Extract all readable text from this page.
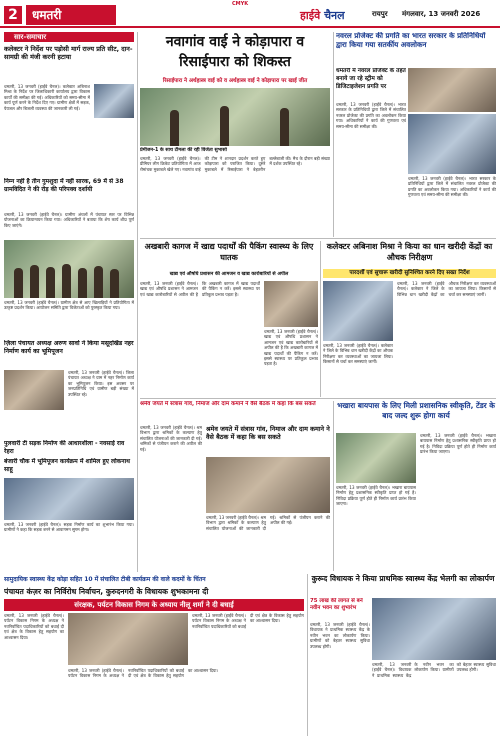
2	धमतरी
CMYK
हाईवे चैनल	रायपुर मंगलवार, 13 जनवरी 2026
सार-समाचार
कलेक्टर ने निर्देश पर पड़ोसी मार्ग राज्य प्रति सीट, दान-सामग्री की मंजी करनी हटाया
धमतरी, 13 जनवरी (हाईवे चैनल)। कलेक्टर अबिनाश मिश्रा के निर्देश पर जिलाधिकारी कार्यालय द्वारा विकास कार्यों की समीक्षा की गई। अधिकारियों को समय-सीमा में कार्य पूर्ण करने के निर्देश दिए गए। ग्रामीण क्षेत्रों में सड़क, पेयजल और बिजली व्यवस्था की जानकारी ली गई।
निम्न नहीं है तीन गुमशुदा में नहीं सारक, 69 में से 38 ग्रामविदित ने की रोड़ की परिपक्व दर्शायी
धमतरी, 13 जनवरी (हाईवे चैनल)। ग्रामीण अंचलों में पंचायत स्तर पर विभिन्न योजनाओं का क्रियान्वयन किया गया। अधिकारियों ने बताया कि शेष कार्य शीघ्र पूर्ण किए जाएंगे।
धमतरी, 13 जनवरी (हाईवे चैनल)। ग्रामीण क्षेत्र से आए खिलाड़ियों ने प्रतियोगिता में उत्कृष्ट प्रदर्शन किया। आयोजन समिति द्वारा विजेताओं को पुरस्कृत किया गया।
ज़िला पंचायत अध्यक्ष अरुण सार्वा ने किया मसूदखिंड नहर निर्माण कार्य का भूमिपूजन
धमतरी, 13 जनवरी (हाईवे चैनल)। जिला पंचायत अध्यक्ष ने ग्राम में नहर निर्माण कार्य का भूमिपूजन किया। इस अवसर पर जनप्रतिनिधि एवं ग्रामीण बड़ी संख्या में उपस्थित रहे।
पुलवारी टी सड़क निर्माण की आधारशीला - नवसाई राव रेहरा
बंजारी चौक में भूमिपूजन कार्यक्रम में शामिल हुए लोकनाथ साहू
धमतरी, 13 जनवरी (हाईवे चैनल)। सड़क निर्माण कार्य का शुभारंभ किया गया। ग्रामीणों ने कहा कि सड़क बनने से आवागमन सुगम होगा।
नवागांव वाई ने कोड़ापारा व रिसाईपारा को शिकस्त
रिसाईपारा ने अर्थहास्त्र वाई को व अर्थहास्त्र वाई ने कोड़ापारा पर खाई जीत
प्रेमीजन-1 के साथ टीमला की रही विजेता सुभासो
धमतरी, 13 जनवरी (हाईवे चैनल)। प्रीमियर लीग क्रिकेट प्रतियोगिता में आज रोमांचक मुकाबले खेले गए। नवागांव वाई की टीम ने शानदार प्रदर्शन करते हुए कोड़ापारा को पराजित किया। दूसरे मुकाबले में रिसाईपारा ने बेहतरीन बल्लेबाजी की। मैच के दौरान बड़ी संख्या में दर्शक उपस्थित रहे।
नवरल प्रोजेक्ट की प्रगति का भारत सरकार के प्रतिनिधियों द्वारा किया गया सतर्कीय अवलोकन
धमतरी में नवरल प्रोजेक्ट के तहत बनाये जा रहे स्ट्रीम को डिजिटाइजेशन प्रगति पर
धमतरी, 13 जनवरी (हाईवे चैनल)। भारत सरकार के प्रतिनिधियों द्वारा जिले में संचालित नवरल प्रोजेक्ट की प्रगति का अवलोकन किया गया। अधिकारियों ने कार्य की गुणवत्ता एवं समय-सीमा की समीक्षा की।
धमतरी, 13 जनवरी (हाईवे चैनल)। भारत सरकार के प्रतिनिधियों द्वारा जिले में संचालित नवरल प्रोजेक्ट की प्रगति का अवलोकन किया गया। अधिकारियों ने कार्य की गुणवत्ता एवं समय-सीमा की समीक्षा की।
अखबारी कागज में खाद्य पदार्थों की पैकिंग स्वास्थ्य के लिए घातक
खाद्य एवं औषधि प्रशासन की आमजन व खाद्य कारोबारियों से अपील
धमतरी, 13 जनवरी (हाईवे चैनल)। खाद्य एवं औषधि प्रशासन ने आमजन एवं खाद्य कारोबारियों से अपील की है कि अखबारी कागज में खाद्य पदार्थों की पैकिंग न करें। इससे स्वास्थ्य पर प्रतिकूल प्रभाव पड़ता है।
धमतरी, 13 जनवरी (हाईवे चैनल)। खाद्य एवं औषधि प्रशासन ने आमजन एवं खाद्य कारोबारियों से अपील की है कि अखबारी कागज में खाद्य पदार्थों की पैकिंग न करें। इससे स्वास्थ्य पर प्रतिकूल प्रभाव पड़ता है।
कलेक्टर अबिनाश मिश्रा ने किया का धान खरीदी केंद्रों का औचक निरीक्षण
पारदर्शी एवं सुचारू खरीदी सुनिश्चित करने दिए सख्त निर्देश
धमतरी, 13 जनवरी (हाईवे चैनल)। कलेक्टर ने जिले के विभिन्न धान खरीदी केंद्रों का औचक निरीक्षण कर व्यवस्थाओं का जायजा लिया। किसानों से चर्चा कर समस्याएं जानीं।
धमतरी, 13 जनवरी (हाईवे चैनल)। कलेक्टर ने जिले के विभिन्न धान खरीदी केंद्रों का औचक निरीक्षण कर व्यवस्थाओं का जायजा लिया। किसानों से चर्चा कर समस्याएं जानीं।
श्रमेव जयते में संत्रास गांव, निमाज और दाम कमाने ने वैसे बैठक में कहा कि बस सकते
श्रमेव जयते में संत्रास गांव, निमाज और दाम कमाने ने वैसे बैठक में कहा कि बस सकते
धमतरी, 13 जनवरी (हाईवे चैनल)। श्रम विभाग द्वारा श्रमिकों के कल्याण हेतु संचालित योजनाओं की जानकारी दी गई। श्रमिकों से पंजीयन कराने की अपील की गई।
धमतरी, 13 जनवरी (हाईवे चैनल)। श्रम विभाग द्वारा श्रमिकों के कल्याण हेतु संचालित योजनाओं की जानकारी दी गई। श्रमिकों से पंजीयन कराने की अपील की गई।
भखारा बायपास के लिए मिली प्रशासनिक स्वीकृति, टेंडर के बाद जल्द शुरू होगा कार्य
धमतरी, 13 जनवरी (हाईवे चैनल)। भखारा बायपास निर्माण हेतु प्रशासनिक स्वीकृति प्राप्त हो गई है। निविदा प्रक्रिया पूर्ण होते ही निर्माण कार्य प्रारंभ किया जाएगा।
धमतरी, 13 जनवरी (हाईवे चैनल)। भखारा बायपास निर्माण हेतु प्रशासनिक स्वीकृति प्राप्त हो गई है। निविदा प्रक्रिया पूर्ण होते ही निर्माण कार्य प्रारंभ किया जाएगा।
सामुदायिक स्वास्थ्य केंद्र कोड़ा सहित 10 में संचालित टीबी कार्यक्रम की वाले कदमों के चिंतन
पंचायत कंज़र का निर्विरोध निर्वाचन, कुरुदनगरी के विधायक शुभकामना दी
संरक्षक, पर्यटन विकास निगम के अध्याय नीलू शर्मा ने दी बधाई
धमतरी, 13 जनवरी (हाईवे चैनल)। पर्यटन विकास निगम के अध्यक्ष ने नवनिर्वाचित पदाधिकारियों को बधाई दी एवं क्षेत्र के विकास हेतु सहयोग का आश्वासन दिया।
धमतरी, 13 जनवरी (हाईवे चैनल)। पर्यटन विकास निगम के अध्यक्ष ने नवनिर्वाचित पदाधिकारियों को बधाई दी एवं क्षेत्र के विकास हेतु सहयोग का आश्वासन दिया।
धमतरी, 13 जनवरी (हाईवे चैनल)। पर्यटन विकास निगम के अध्यक्ष ने नवनिर्वाचित पदाधिकारियों को बधाई दी एवं क्षेत्र के विकास हेतु सहयोग का आश्वासन दिया।
कुरूद विधायक ने किया प्राथमिक स्वास्थ्य केंद्र भेलगी का लोकार्पण
75 लाख की लागत से बने नवीन भवन का शुभारंभ
धमतरी, 13 जनवरी (हाईवे चैनल)। विधायक ने प्राथमिक स्वास्थ्य केंद्र के नवीन भवन का लोकार्पण किया। ग्रामीणों को बेहतर स्वास्थ्य सुविधा उपलब्ध होगी।
धमतरी, 13 जनवरी (हाईवे चैनल)। विधायक ने प्राथमिक स्वास्थ्य केंद्र के नवीन भवन का लोकार्पण किया। ग्रामीणों को बेहतर स्वास्थ्य सुविधा उपलब्ध होगी।
